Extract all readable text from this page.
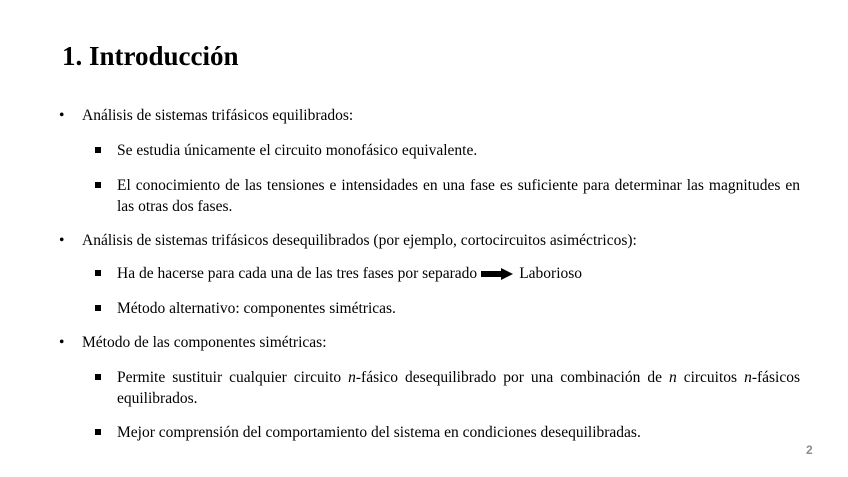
1. Introducción
• Análisis de sistemas trifásicos equilibrados:
Se estudia únicamente el circuito monofásico equivalente.
El conocimiento de las tensiones e intensidades en una fase es suficiente para determinar las magnitudes en las otras dos fases.
• Análisis de sistemas trifásicos desequilibrados (por ejemplo, cortocircuitos asiméctricos):
Ha de hacerse para cada una de las tres fases por separado	Laborioso
Método alternativo: componentes simétricas.
• Método de las componentes simétricas:
Permite sustituir cualquier circuito n-fásico desequilibrado por una combinación de n circuitos n-fásicos equilibrados.
Mejor comprensión del comportamiento del sistema en condiciones desequilibradas.
2
